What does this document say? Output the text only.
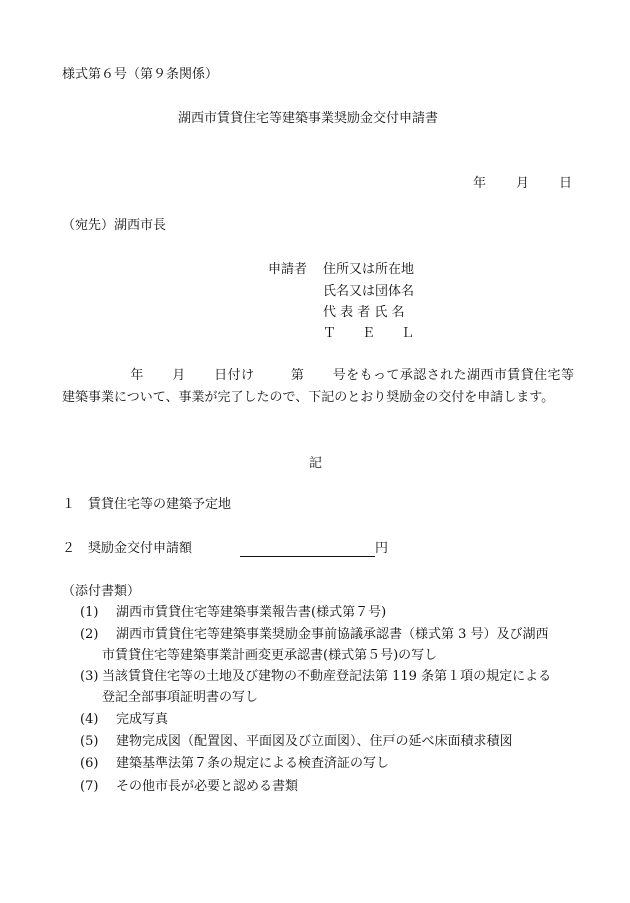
様式第６号（第９条関係）
湖西市賃貸住宅等建築事業奨励金交付申請書
年 月 日
（宛先）湖西市長
申請者 住所又は所在地
氏名又は団体名
代 表 者 氏 名
Ｔ　　Ｅ　　Ｌ
年 月 日付け	第 号をもって承認された湖西市賃貸住宅等建築事業について、事業が完了したので、下記のとおり奨励金の交付を申請します。
記
１　賃貸住宅等の建築予定地
２　奨励金交付申請額	円
（添付書類）
(1) 湖西市賃貸住宅等建築事業報告書(様式第７号)
(2) 湖西市賃貸住宅等建築事業奨励金事前協議承認書（様式第 3 号）及び湖西
市賃貸住宅等建築事業計画変更承認書(様式第５号)の写し
(3) 当該賃貸住宅等の土地及び建物の不動産登記法第 119 条第１項の規定による
登記全部事項証明書の写し
(4) 完成写真
(5) 建物完成図（配置図、平面図及び立面図）、住戸の延べ床面積求積図
(6) 建築基準法第７条の規定による検査済証の写し
(7) その他市長が必要と認める書類
